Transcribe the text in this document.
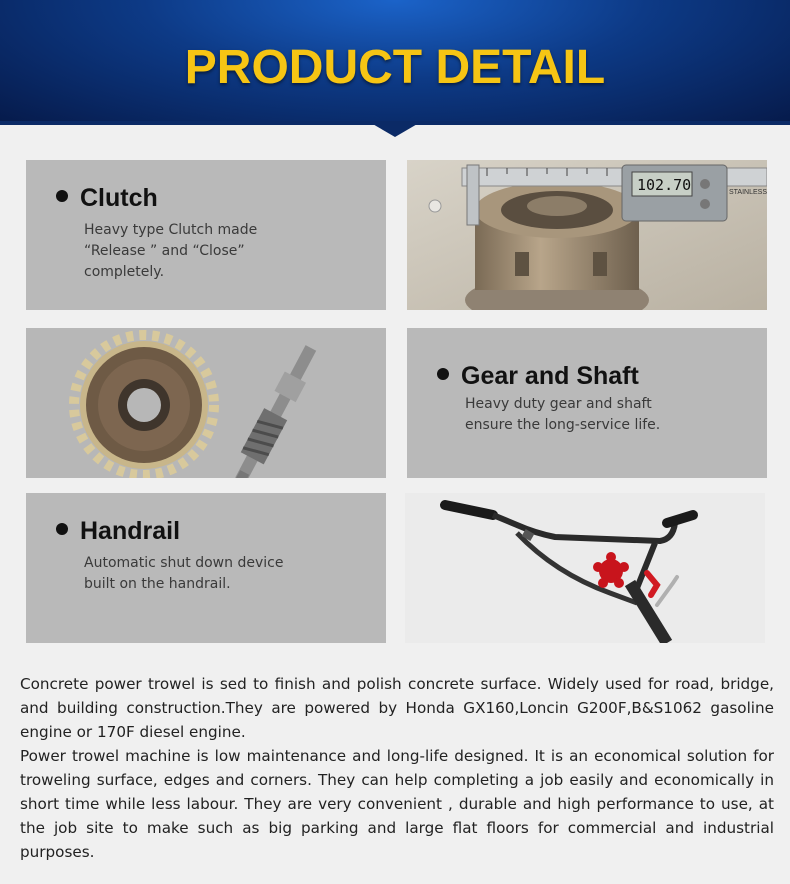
PRODUCT DETAIL
Clutch
Heavy type Clutch made
“Release ” and “Close”
completely.
102.70	STAINLESS
Gear and Shaft
Heavy duty gear and shaft
ensure the long-service life.
Handrail
Automatic shut down device
built on the handrail.

Concrete power trowel is sed to finish and polish concrete surface. Widely used for road, bridge, and building construction.They are powered by Honda GX160,Loncin G200F,B&S1062 gasoline engine or 170F diesel engine.

Power trowel machine is low maintenance and long-life designed. It is an economical solution for troweling surface, edges and corners. They can help completing a job easily and economically in short time while less labour. They are very convenient , durable and high performance to use, at the job site to make such as big parking and large flat floors for commercial and industrial purposes.
